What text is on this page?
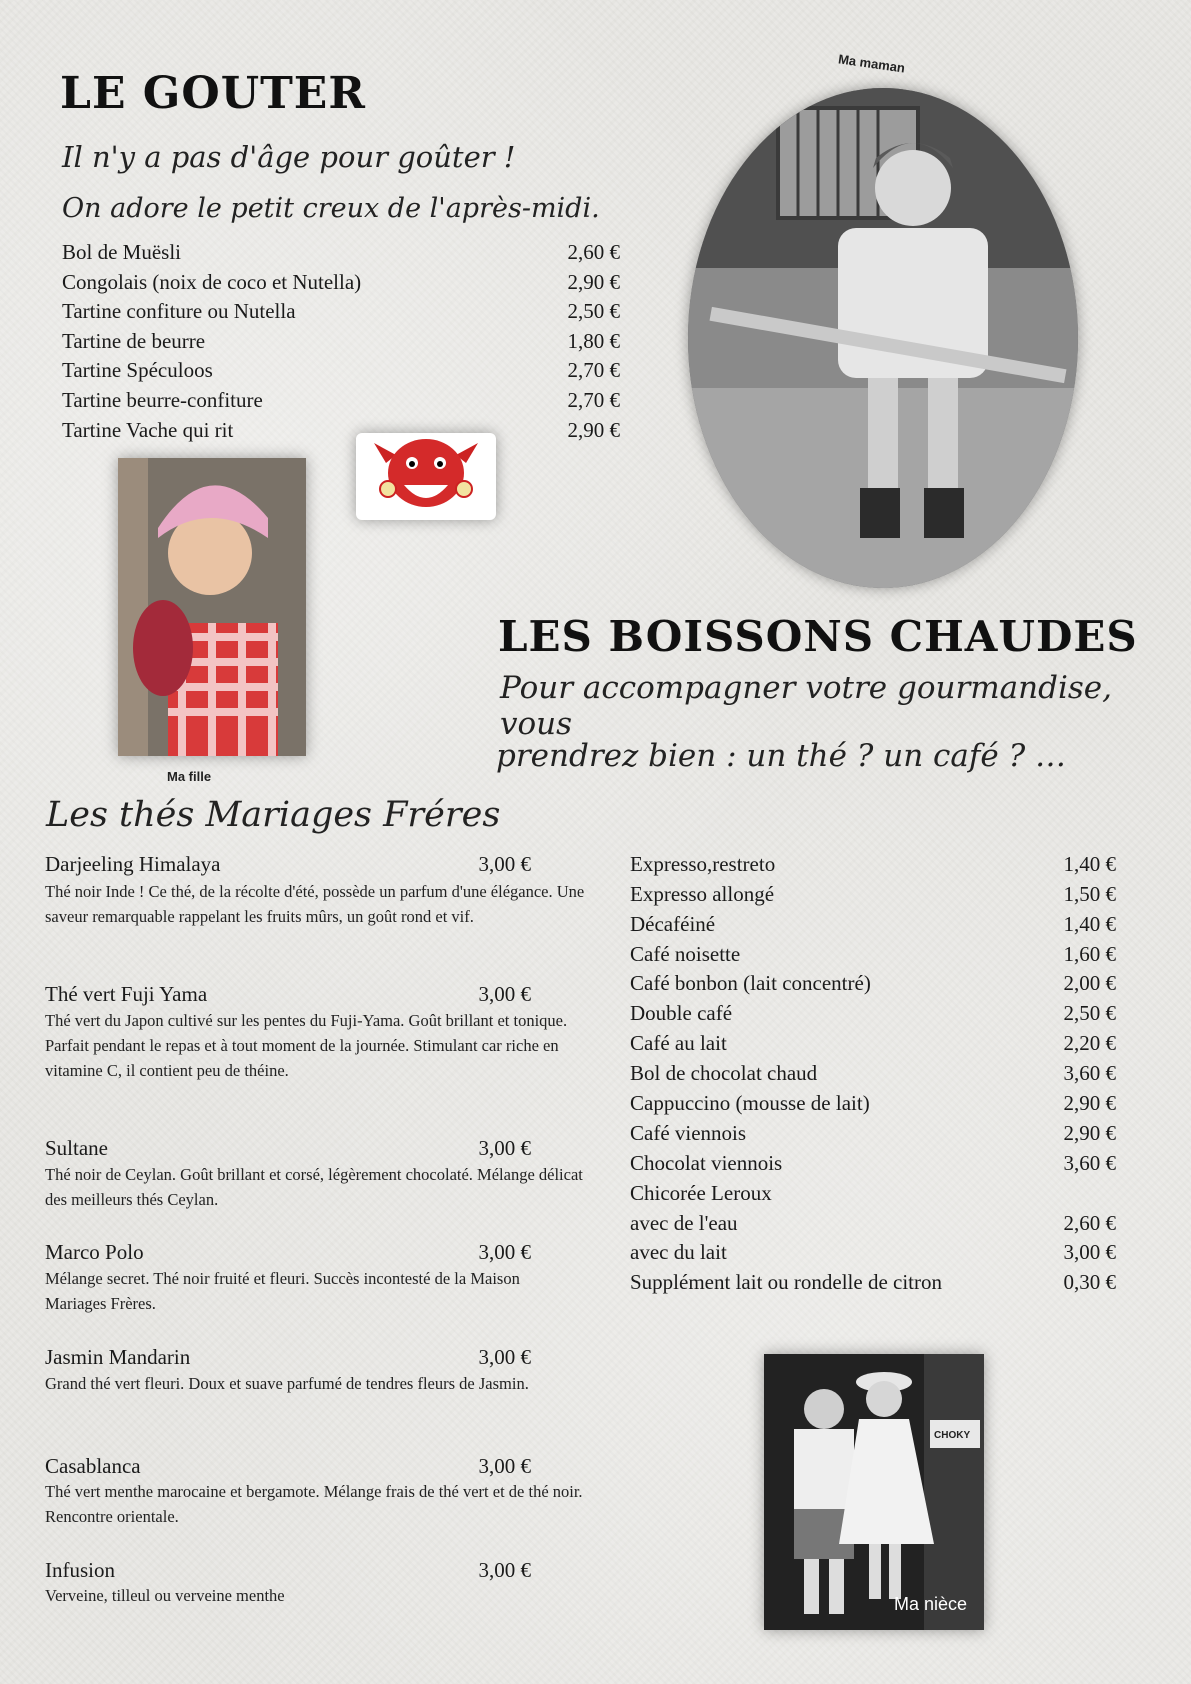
LE GOUTER
Il n'y a pas d'âge pour goûter !
On adore le petit creux de l'après-midi.
Bol de Muësli	2,60 €
Congolais (noix de coco et Nutella)	2,90 €
Tartine confiture ou Nutella	2,50 €
Tartine de beurre	1,80 €
Tartine Spéculoos	2,70 €
Tartine beurre-confiture	2,70 €
Tartine Vache qui rit	2,90 €
Ma fille
Ma maman
LES BOISSONS CHAUDES
Pour accompagner votre gourmandise, vous
prendrez bien : un thé ? un café ? …
Expresso,restreto	1,40 €
Expresso allongé	1,50 €
Décaféiné	1,40 €
Café noisette	1,60 €
Café bonbon (lait concentré)	2,00 €
Double café	2,50 €
Café au lait	2,20 €
Bol de chocolat chaud	3,60 €
Cappuccino (mousse de lait)	2,90 €
Café viennois	2,90 €
Chocolat viennois	3,60 €
Chicorée Leroux
avec de l'eau	2,60 €
avec du lait	3,00 €
Supplément lait ou rondelle de citron	0,30 €
CHOKY
Ma nièce
Les thés Mariages Fréres
Darjeeling Himalaya	3,00 €
Thé noir Inde ! Ce thé, de la récolte d'été, possède un parfum d'une élégance. Une saveur remarquable rappelant les fruits mûrs, un goût rond et vif.
Thé vert Fuji Yama	3,00 €
Thé vert du Japon cultivé sur les pentes du Fuji-Yama. Goût brillant et tonique. Parfait pendant le repas et à tout moment de la journée. Stimulant car riche en vitamine C, il contient peu de théine.
Sultane	3,00 €
Thé noir de Ceylan. Goût brillant et corsé, légèrement chocolaté. Mélange délicat des meilleurs thés Ceylan.
Marco Polo	3,00 €
Mélange secret. Thé noir fruité et fleuri. Succès incontesté de la Maison Mariages Frères.
Jasmin Mandarin	3,00 €
Grand thé vert fleuri. Doux et suave parfumé de tendres fleurs de Jasmin.
Casablanca	3,00 €
Thé vert menthe marocaine et bergamote. Mélange frais de thé vert et de thé noir. Rencontre orientale.
Infusion	3,00 €
Verveine, tilleul ou verveine menthe
